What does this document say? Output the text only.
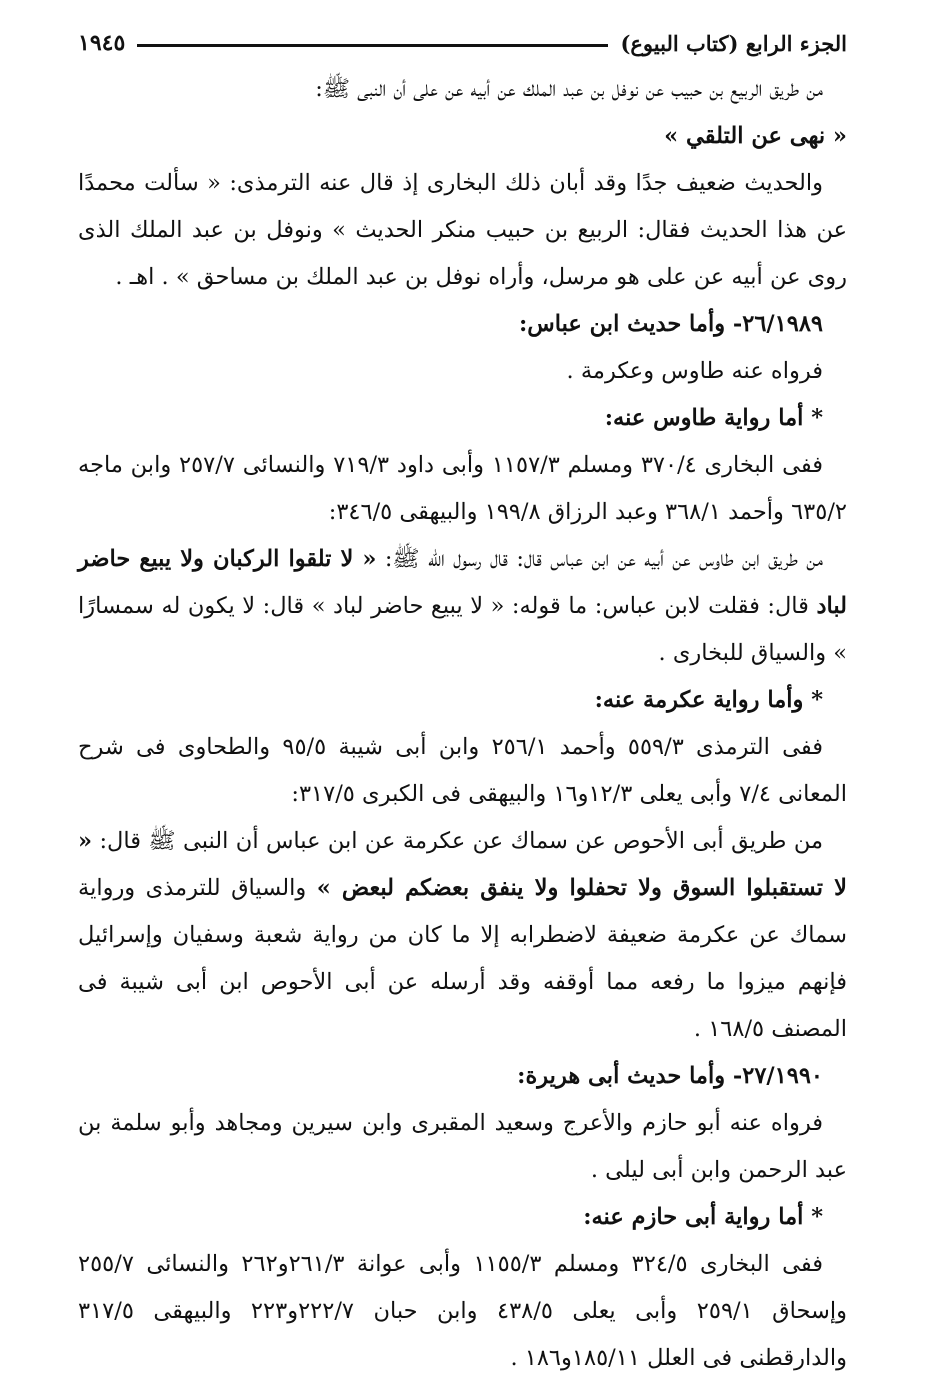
الجزء الرابع (كتاب البيوع)
١٩٤٥

من طريق الربيع بن حبيب عن نوفل بن عبد الملك عن أبيه عن على أن النبى ﷺ:

« نهى عن التلقي »

والحديث ضعيف جدًا وقد أبان ذلك البخارى إذ قال عنه الترمذى: « سألت محمدًا عن هذا الحديث فقال: الربيع بن حبيب منكر الحديث » ونوفل بن عبد الملك الذى روى عن أبيه عن على هو مرسل، وأراه نوفل بن عبد الملك بن مساحق » . اهـ .

٢٦/١٩٨٩- وأما حديث ابن عباس:

فرواه عنه طاوس وعكرمة .

* أما رواية طاوس عنه:

ففى البخارى ٣٧٠/٤ ومسلم ١١٥٧/٣ وأبى داود ٧١٩/٣ والنسائى ٢٥٧/٧ وابن ماجه ٦٣٥/٢ وأحمد ٣٦٨/١ وعبد الرزاق ١٩٩/٨ والبيهقى ٣٤٦/٥:

من طريق ابن طاوس عن أبيه عن ابن عباس قال: قال رسول الله ﷺ: « لا تلقوا الركبان ولا يبيع حاضر لباد قال: فقلت لابن عباس: ما قوله: « لا يبيع حاضر لباد » قال: لا يكون له سمسارًا » والسياق للبخارى .

* وأما رواية عكرمة عنه:

ففى الترمذى ٥٥٩/٣ وأحمد ٢٥٦/١ وابن أبى شيبة ٩٥/٥ والطحاوى فى شرح المعانى ٧/٤ وأبى يعلى ١٢/٣و١٦ والبيهقى فى الكبرى ٣١٧/٥:

من طريق أبى الأحوص عن سماك عن عكرمة عن ابن عباس أن النبى ﷺ قال: « لا تستقبلوا السوق ولا تحفلوا ولا ينفق بعضكم لبعض » والسياق للترمذى ورواية سماك عن عكرمة ضعيفة لاضطرابه إلا ما كان من رواية شعبة وسفيان وإسرائيل فإنهم ميزوا ما رفعه مما أوقفه وقد أرسله عن أبى الأحوص ابن أبى شيبة فى المصنف ١٦٨/٥ .

٢٧/١٩٩٠- وأما حديث أبى هريرة:

فرواه عنه أبو حازم والأعرج وسعيد المقبرى وابن سيرين ومجاهد وأبو سلمة بن عبد الرحمن وابن أبى ليلى .

* أما رواية أبى حازم عنه:

ففى البخارى ٣٢٤/٥ ومسلم ١١٥٥/٣ وأبى عوانة ٢٦١/٣و٢٦٢ والنسائى ٢٥٥/٧ وإسحاق ٢٥٩/١ وأبى يعلى ٤٣٨/٥ وابن حبان ٢٢٢/٧و٢٢٣ والبيهقى ٣١٧/٥ والدارقطنى فى العلل ١٨٥/١١و١٨٦ .
